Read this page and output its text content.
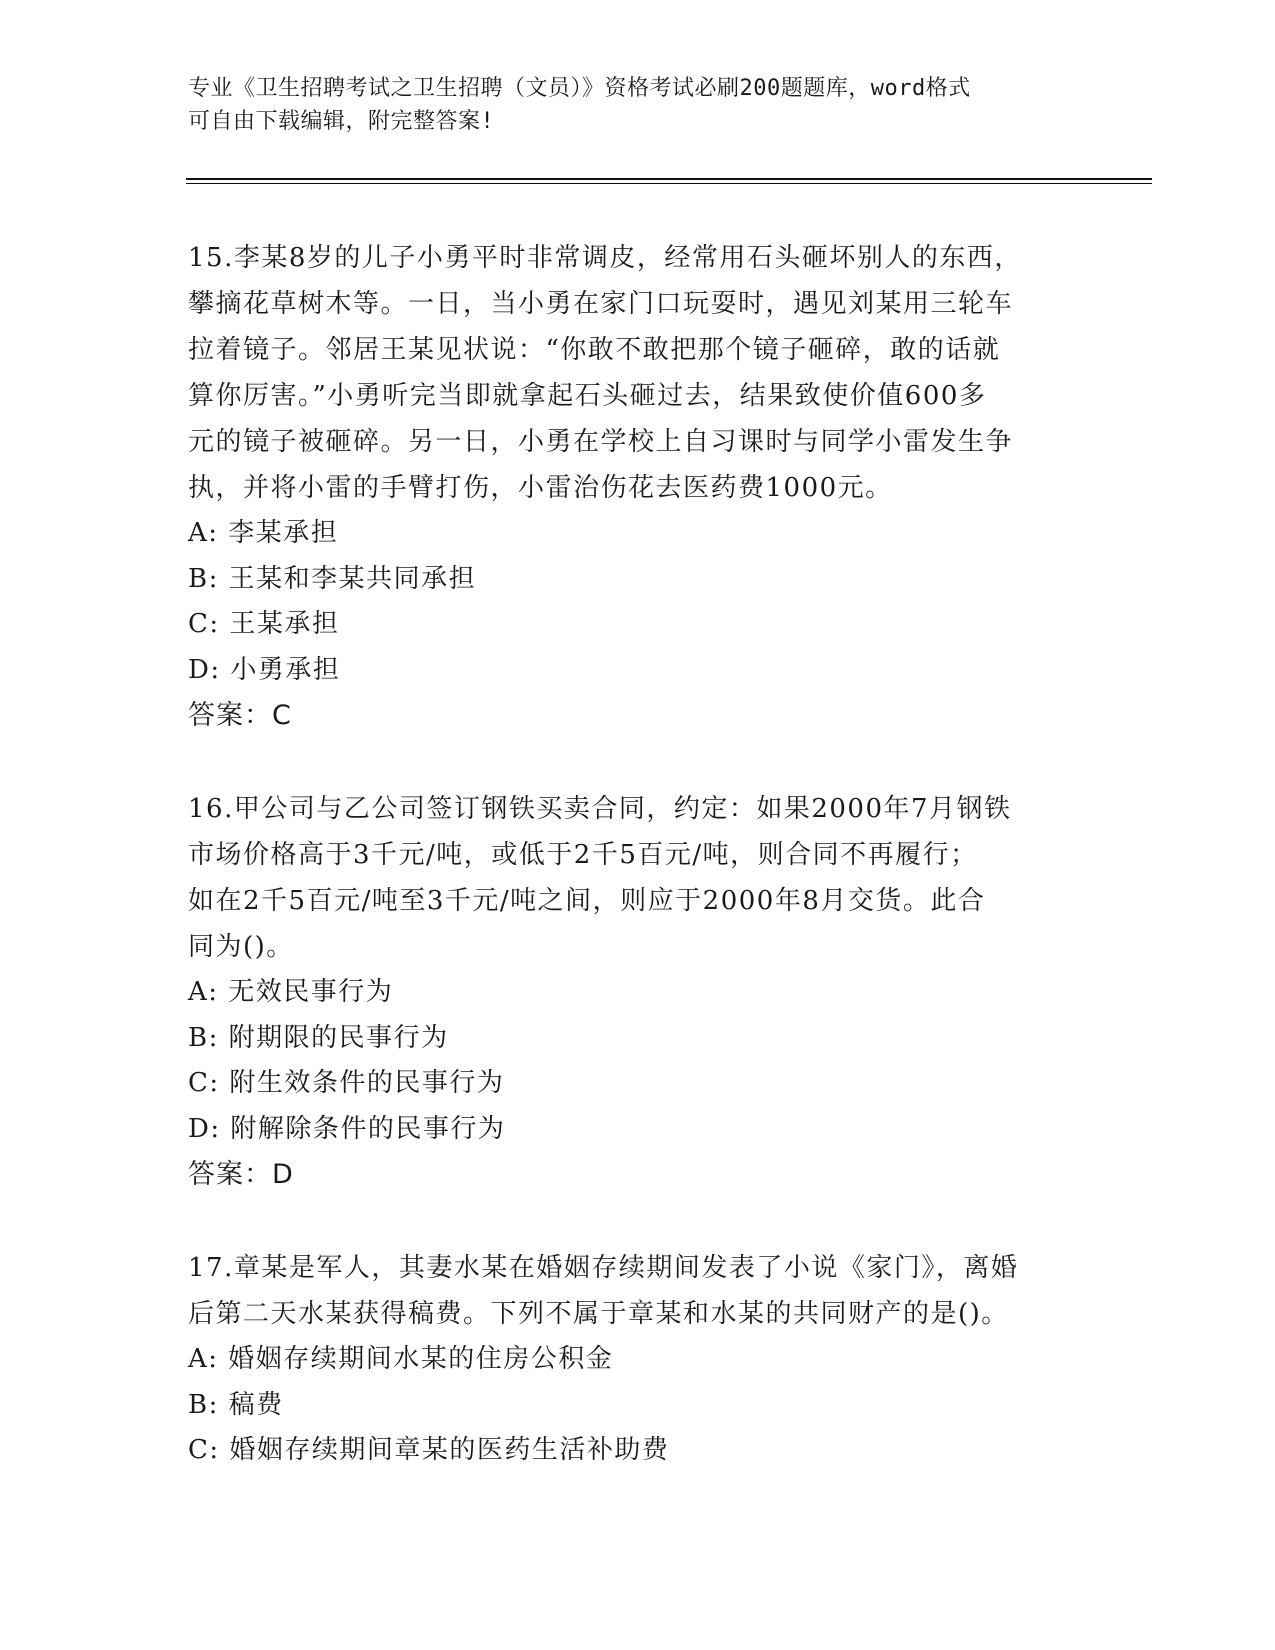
专业《卫生招聘考试之卫生招聘（文员）》资格考试必刷200题题库，word格式
可自由下载编辑，附完整答案!
15.李某8岁的儿子小勇平时非常调皮，经常用石头砸坏别人的东西，
攀摘花草树木等。一日，当小勇在家门口玩耍时，遇见刘某用三轮车
拉着镜子。邻居王某见状说：“你敢不敢把那个镜子砸碎，敢的话就
算你厉害。”小勇听完当即就拿起石头砸过去，结果致使价值600多
元的镜子被砸碎。另一日，小勇在学校上自习课时与同学小雷发生争
执，并将小雷的手臂打伤，小雷治伤花去医药费1000元。
A: 李某承担
B: 王某和李某共同承担
C: 王某承担
D: 小勇承担
答案：C
16.甲公司与乙公司签订钢铁买卖合同，约定：如果2000年7月钢铁
市场价格高于3千元/吨，或低于2千5百元/吨，则合同不再履行；
如在2千5百元/吨至3千元/吨之间，则应于2000年8月交货。此合
同为()。
A: 无效民事行为
B: 附期限的民事行为
C: 附生效条件的民事行为
D: 附解除条件的民事行为
答案：D
17.章某是军人，其妻水某在婚姻存续期间发表了小说《家门》，离婚
后第二天水某获得稿费。下列不属于章某和水某的共同财产的是()。
A: 婚姻存续期间水某的住房公积金
B: 稿费
C: 婚姻存续期间章某的医药生活补助费
